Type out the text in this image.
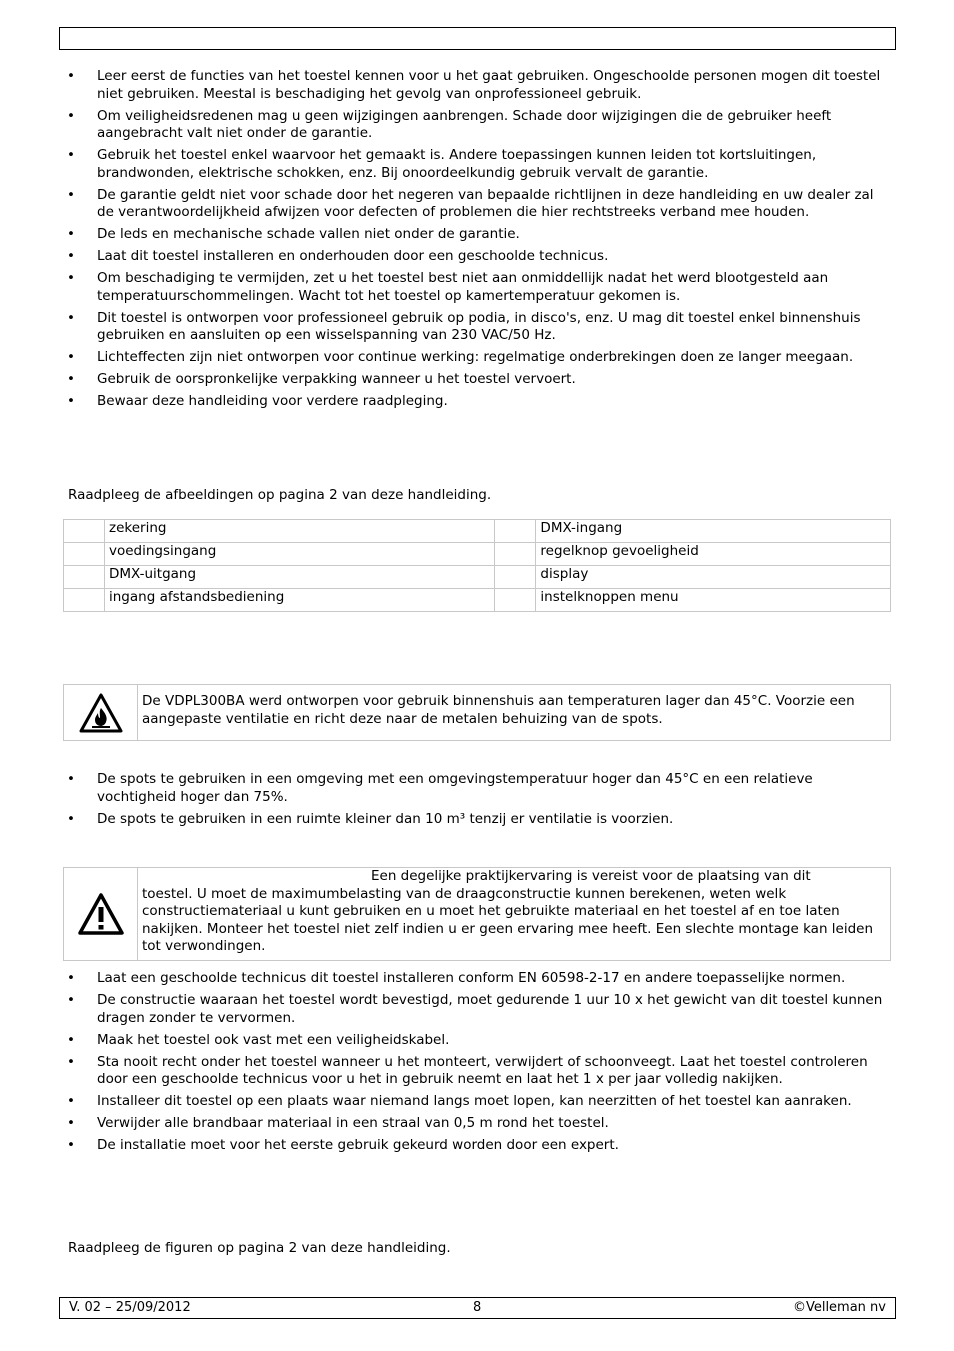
• Leer eerst de functies van het toestel kennen voor u het gaat gebruiken. Ongeschoolde personen mogen dit toestel niet gebruiken. Meestal is beschadiging het gevolg van onprofessioneel gebruik.
• Om veiligheidsredenen mag u geen wijzigingen aanbrengen. Schade door wijzigingen die de gebruiker heeft aangebracht valt niet onder de garantie.
• Gebruik het toestel enkel waarvoor het gemaakt is. Andere toepassingen kunnen leiden tot kortsluitingen, brandwonden, elektrische schokken, enz. Bij onoordeelkundig gebruik vervalt de garantie.
• De garantie geldt niet voor schade door het negeren van bepaalde richtlijnen in deze handleiding en uw dealer zal de verantwoordelijkheid afwijzen voor defecten of problemen die hier rechtstreeks verband mee houden.
• De leds en mechanische schade vallen niet onder de garantie.
• Laat dit toestel installeren en onderhouden door een geschoolde technicus.
• Om beschadiging te vermijden, zet u het toestel best niet aan onmiddellijk nadat het werd blootgesteld aan temperatuurschommelingen. Wacht tot het toestel op kamertemperatuur gekomen is.
• Dit toestel is ontworpen voor professioneel gebruik op podia, in disco's, enz. U mag dit toestel enkel binnenshuis gebruiken en aansluiten op een wisselspanning van 230 VAC/50 Hz.
• Lichteffecten zijn niet ontworpen voor continue werking: regelmatige onderbrekingen doen ze langer meegaan.
• Gebruik de oorspronkelijke verpakking wanneer u het toestel vervoert.
• Bewaar deze handleiding voor verdere raadpleging.
Raadpleeg de afbeeldingen op pagina 2 van deze handleiding.
	zekering		DMX-ingang
	voedingsingang		regelknop gevoeligheid
	DMX-uitgang		display
	ingang afstandsbediening		instelknoppen menu
De VDPL300BA werd ontworpen voor gebruik binnenshuis aan temperaturen lager dan 45°C. Voorzie een aangepaste ventilatie en richt deze naar de metalen behuizing van de spots.
• De spots te gebruiken in een omgeving met een omgevingstemperatuur hoger dan 45°C en een relatieve vochtigheid hoger dan 75%.
• De spots te gebruiken in een ruimte kleiner dan 10 m³ tenzij er ventilatie is voorzien.
Een degelijke praktijkervaring is vereist voor de plaatsing van dit
toestel. U moet de maximumbelasting van de draagconstructie kunnen berekenen, weten welk constructiemateriaal u kunt gebruiken en u moet het gebruikte materiaal en het toestel af en toe laten nakijken. Monteer het toestel niet zelf indien u er geen ervaring mee heeft. Een slechte montage kan leiden tot verwondingen.
• Laat een geschoolde technicus dit toestel installeren conform EN 60598-2-17 en andere toepasselijke normen.
• De constructie waaraan het toestel wordt bevestigd, moet gedurende 1 uur 10 x het gewicht van dit toestel kunnen dragen zonder te vervormen.
• Maak het toestel ook vast met een veiligheidskabel.
• Sta nooit recht onder het toestel wanneer u het monteert, verwijdert of schoonveegt. Laat het toestel controleren door een geschoolde technicus voor u het in gebruik neemt en laat het 1 x per jaar volledig nakijken.
• Installeer dit toestel op een plaats waar niemand langs moet lopen, kan neerzitten of het toestel kan aanraken.
• Verwijder alle brandbaar materiaal in een straal van 0,5 m rond het toestel.
• De installatie moet voor het eerste gebruik gekeurd worden door een expert.
Raadpleeg de figuren op pagina 2 van deze handleiding.
V. 02 – 25/09/2012	8	©Velleman nv
